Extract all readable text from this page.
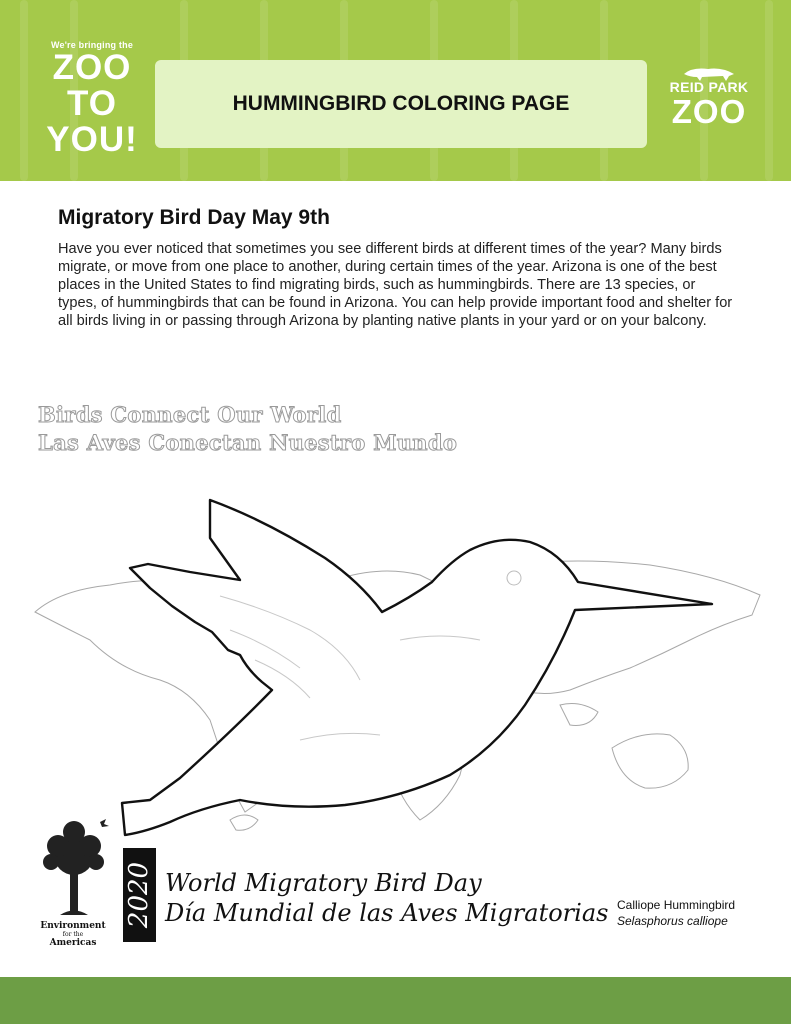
We're bringing the
ZOO
TO
YOU!
HUMMINGBIRD COLORING PAGE
REID PARK
ZOO
Migratory Bird Day May 9th

Have you ever noticed that sometimes you see different birds at different times of the year? Many birds migrate, or move from one place to another, during certain times of the year. Arizona is one of the best places in the United States to find migrating birds, such as hummingbirds. There are 13 species, or types, of hummingbirds that can be found in Arizona. You can help provide important food and shelter for all birds living in or passing through Arizona by planting native plants in your yard or on your balcony.

Birds Connect Our World
Las Aves Conectan Nuestro Mundo
Environment
for the
Americas
2020 World Migratory Bird Day
Día Mundial de las Aves Migratorias Calliope Hummingbird
Selasphorus calliope
